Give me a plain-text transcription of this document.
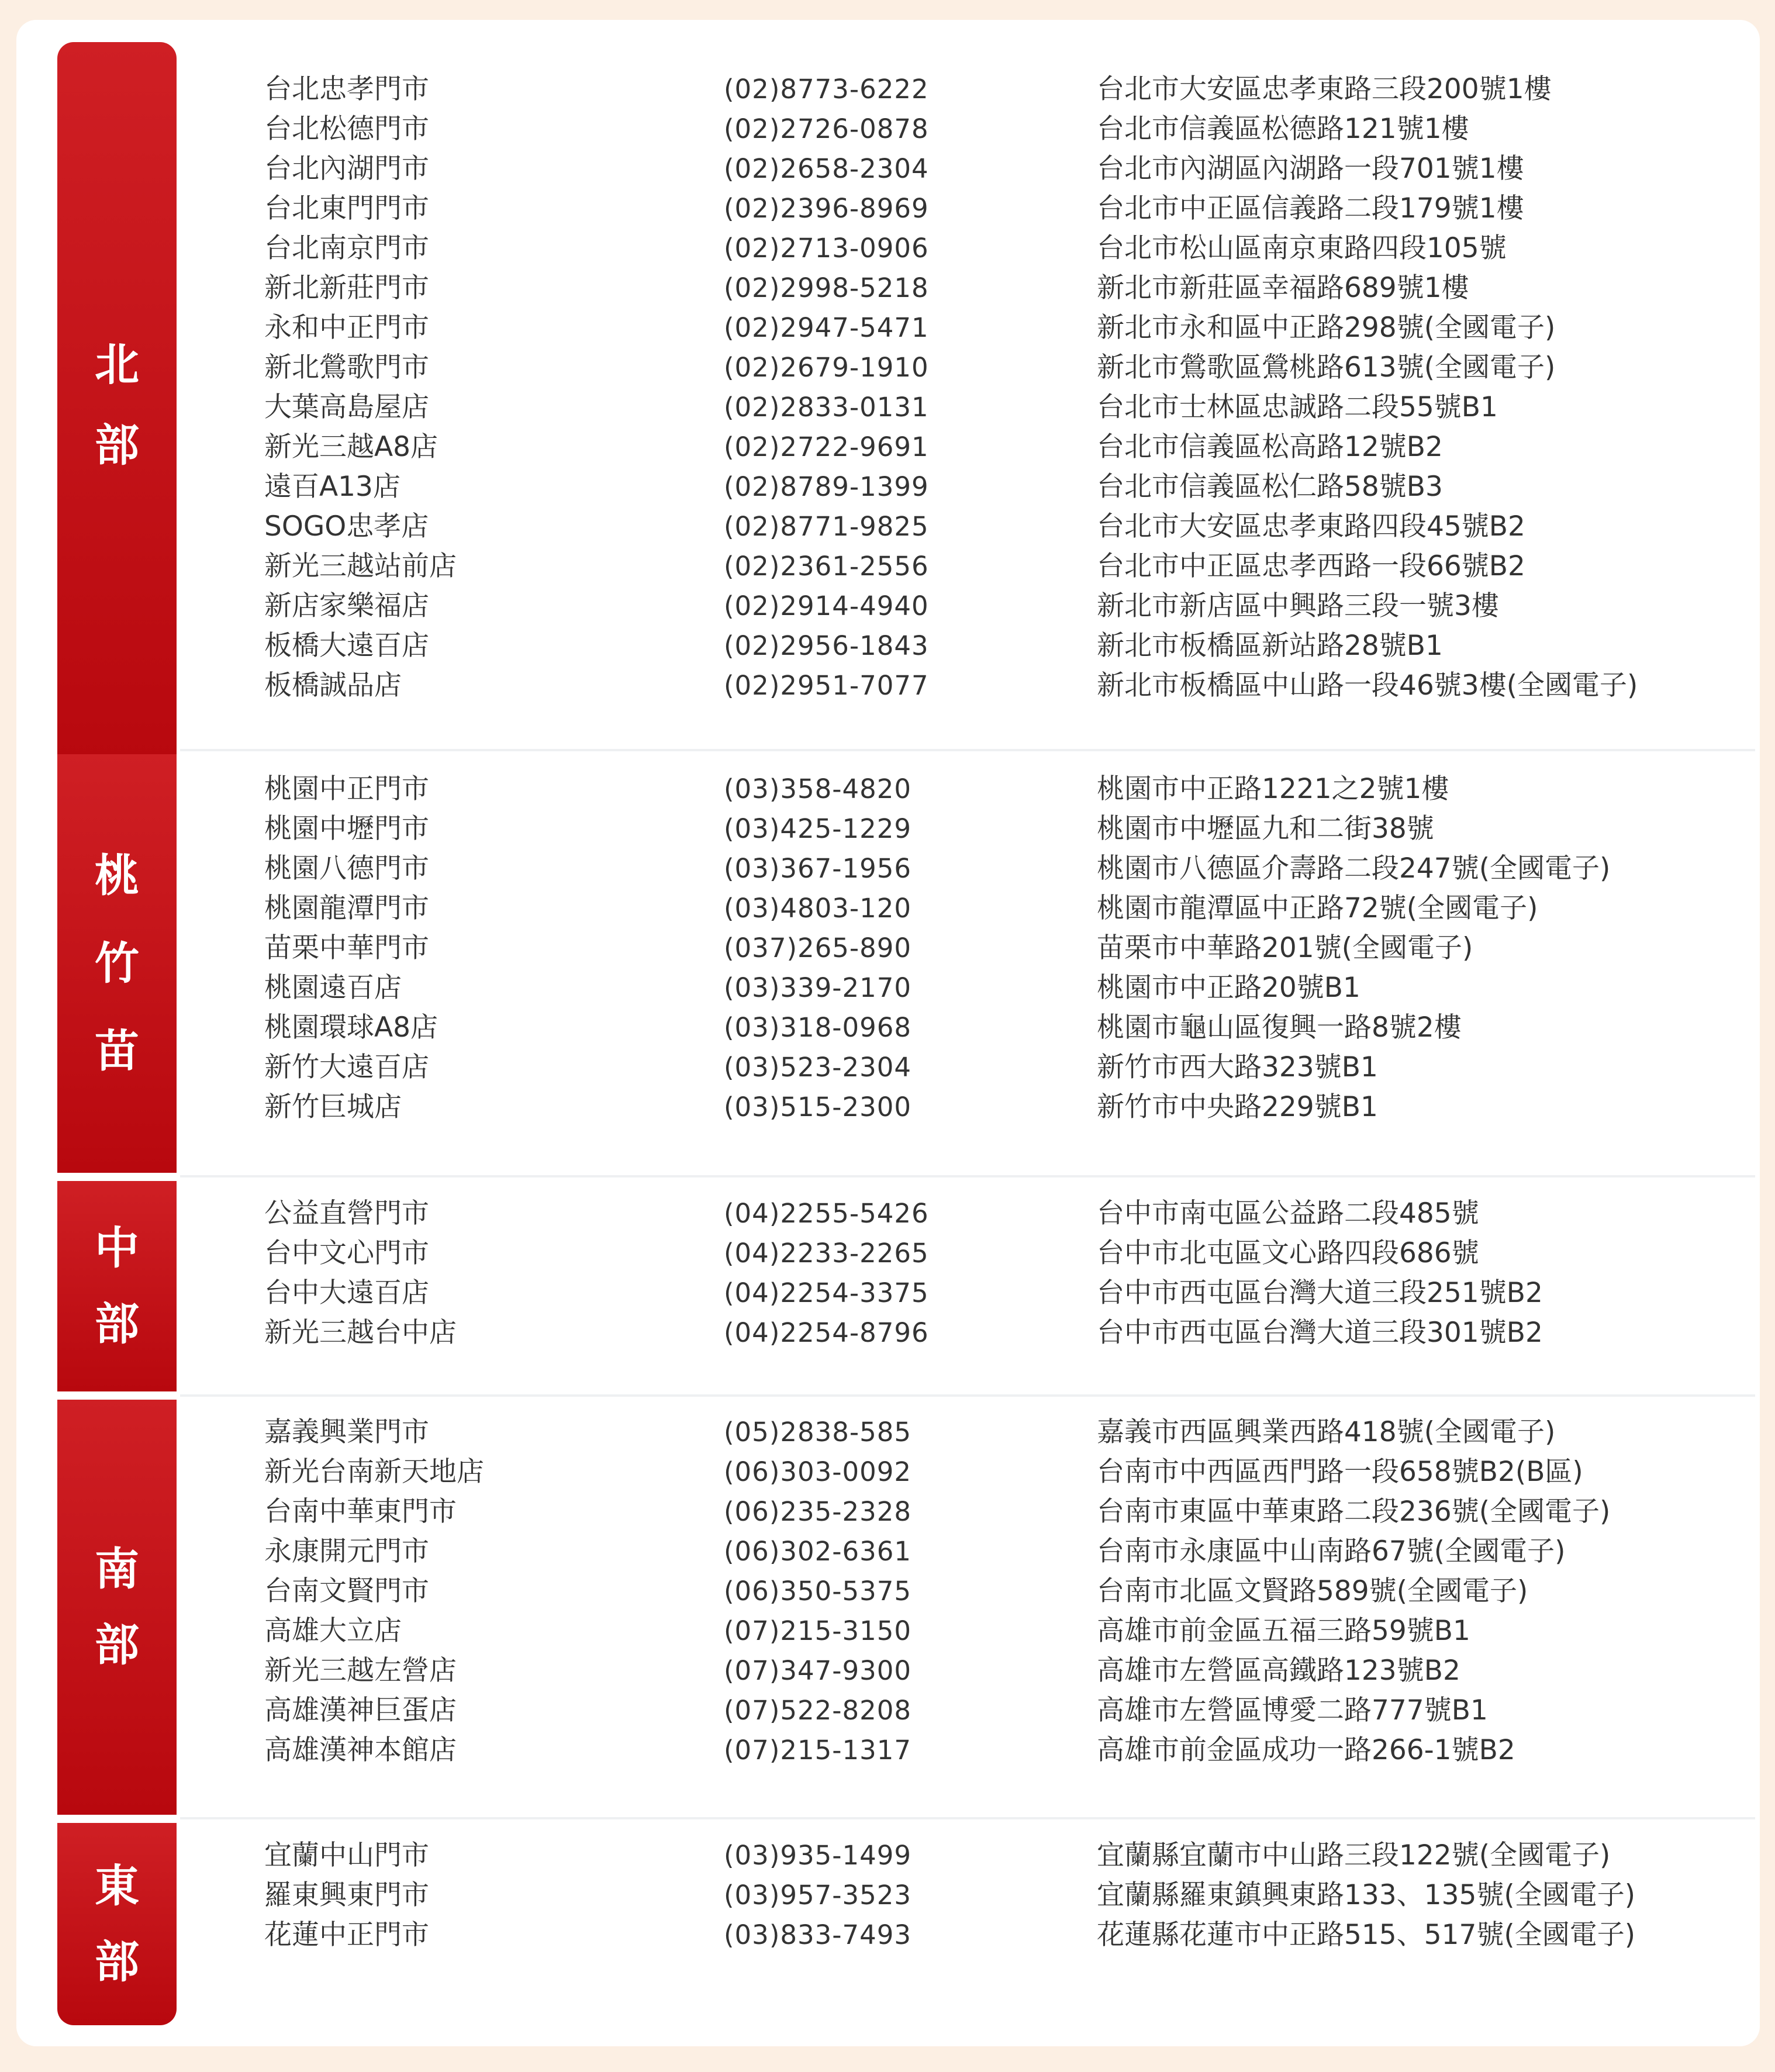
北
部
台北忠孝門市	(02)8773-6222	台北市大安區忠孝東路三段200號1樓
台北松德門市	(02)2726-0878	台北市信義區松德路121號1樓
台北內湖門市	(02)2658-2304	台北市內湖區內湖路一段701號1樓
台北東門門市	(02)2396-8969	台北市中正區信義路二段179號1樓
台北南京門市	(02)2713-0906	台北市松山區南京東路四段105號
新北新莊門市	(02)2998-5218	新北市新莊區幸福路689號1樓
永和中正門市	(02)2947-5471	新北市永和區中正路298號(全國電子)
新北鶯歌門市	(02)2679-1910	新北市鶯歌區鶯桃路613號(全國電子)
大葉高島屋店	(02)2833-0131	台北市士林區忠誠路二段55號B1
新光三越A8店	(02)2722-9691	台北市信義區松高路12號B2
遠百A13店	(02)8789-1399	台北市信義區松仁路58號B3
SOGO忠孝店	(02)8771-9825	台北市大安區忠孝東路四段45號B2
新光三越站前店	(02)2361-2556	台北市中正區忠孝西路一段66號B2
新店家樂福店	(02)2914-4940	新北市新店區中興路三段一號3樓
板橋大遠百店	(02)2956-1843	新北市板橋區新站路28號B1
板橋誠品店	(02)2951-7077	新北市板橋區中山路一段46號3樓(全國電子)
桃
竹
苗
桃園中正門市	(03)358-4820	桃園市中正路1221之2號1樓
桃園中壢門市	(03)425-1229	桃園市中壢區九和二街38號
桃園八德門市	(03)367-1956	桃園市八德區介壽路二段247號(全國電子)
桃園龍潭門市	(03)4803-120	桃園市龍潭區中正路72號(全國電子)
苗栗中華門市	(037)265-890	苗栗市中華路201號(全國電子)
桃園遠百店	(03)339-2170	桃園市中正路20號B1
桃園環球A8店	(03)318-0968	桃園市龜山區復興一路8號2樓
新竹大遠百店	(03)523-2304	新竹市西大路323號B1
新竹巨城店	(03)515-2300	新竹市中央路229號B1
中
部
公益直營門市	(04)2255-5426	台中市南屯區公益路二段485號
台中文心門市	(04)2233-2265	台中市北屯區文心路四段686號
台中大遠百店	(04)2254-3375	台中市西屯區台灣大道三段251號B2
新光三越台中店	(04)2254-8796	台中市西屯區台灣大道三段301號B2
南
部
嘉義興業門市	(05)2838-585	嘉義市西區興業西路418號(全國電子)
新光台南新天地店	(06)303-0092	台南市中西區西門路一段658號B2(B區)
台南中華東門市	(06)235-2328	台南市東區中華東路二段236號(全國電子)
永康開元門市	(06)302-6361	台南市永康區中山南路67號(全國電子)
台南文賢門市	(06)350-5375	台南市北區文賢路589號(全國電子)
高雄大立店	(07)215-3150	高雄市前金區五福三路59號B1
新光三越左營店	(07)347-9300	高雄市左營區高鐵路123號B2
高雄漢神巨蛋店	(07)522-8208	高雄市左營區博愛二路777號B1
高雄漢神本館店	(07)215-1317	高雄市前金區成功一路266-1號B2
東
部
宜蘭中山門市	(03)935-1499	宜蘭縣宜蘭市中山路三段122號(全國電子)
羅東興東門市	(03)957-3523	宜蘭縣羅東鎮興東路133、135號(全國電子)
花蓮中正門市	(03)833-7493	花蓮縣花蓮市中正路515、517號(全國電子)
